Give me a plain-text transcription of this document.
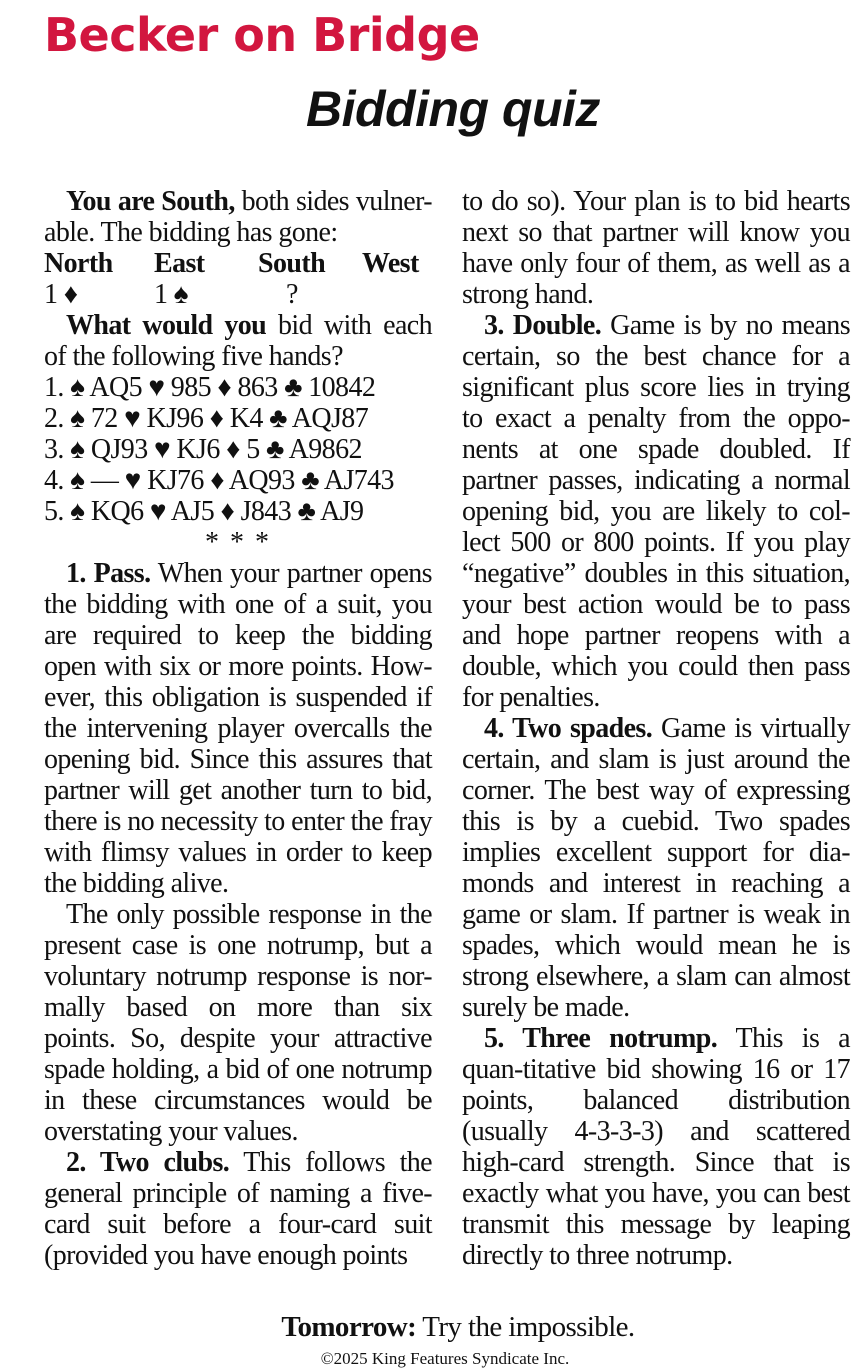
Becker on Bridge
Bidding quiz

You are South, both sides vulner-able. The bidding has gone:

North	East	South	West
1 ♦	1 ♠	?	

What would you bid with each of the following five hands?

1. ♠ AQ5 ♥ 985 ♦ 863 ♣ 10842
2. ♠ 72 ♥ KJ96 ♦ K4 ♣ AQJ87
3. ♠ QJ93 ♥ KJ6 ♦ 5 ♣ A9862
4. ♠ — ♥ KJ76 ♦ AQ93 ♣ AJ743
5. ♠ KQ6 ♥ AJ5 ♦ J843 ♣ AJ9
* * *

1. Pass. When your partner opens the bidding with one of a suit, you are required to keep the bidding open with six or more points. How-ever, this obligation is suspended if the intervening player overcalls the opening bid. Since this assures that partner will get another turn to bid, there is no necessity to enter the fray with flimsy values in order to keep the bidding alive.

The only possible response in the present case is one notrump, but a voluntary notrump response is nor-mally based on more than six points. So, despite your attractive spade holding, a bid of one notrump in these circumstances would be overstating your values.

2. Two clubs. This follows the general principle of naming a five-card suit before a four-card suit (provided you have enough points

to do so). Your plan is to bid hearts next so that partner will know you have only four of them, as well as a strong hand.

3. Double. Game is by no means certain, so the best chance for a significant plus score lies in trying to exact a penalty from the oppo-nents at one spade doubled. If partner passes, indicating a normal opening bid, you are likely to col-lect 500 or 800 points. If you play “negative” doubles in this situation, your best action would be to pass and hope partner reopens with a double, which you could then pass for penalties.

4. Two spades. Game is virtually certain, and slam is just around the corner. The best way of expressing this is by a cuebid. Two spades implies excellent support for dia-monds and interest in reaching a game or slam. If partner is weak in spades, which would mean he is strong elsewhere, a slam can almost surely be made.

5. Three notrump. This is a quan-titative bid showing 16 or 17 points, balanced distribution (usually 4-3-3-3) and scattered high-card strength. Since that is exactly what you have, you can best transmit this message by leaping directly to three notrump.

Tomorrow: Try the impossible.
©2025 King Features Syndicate Inc.
